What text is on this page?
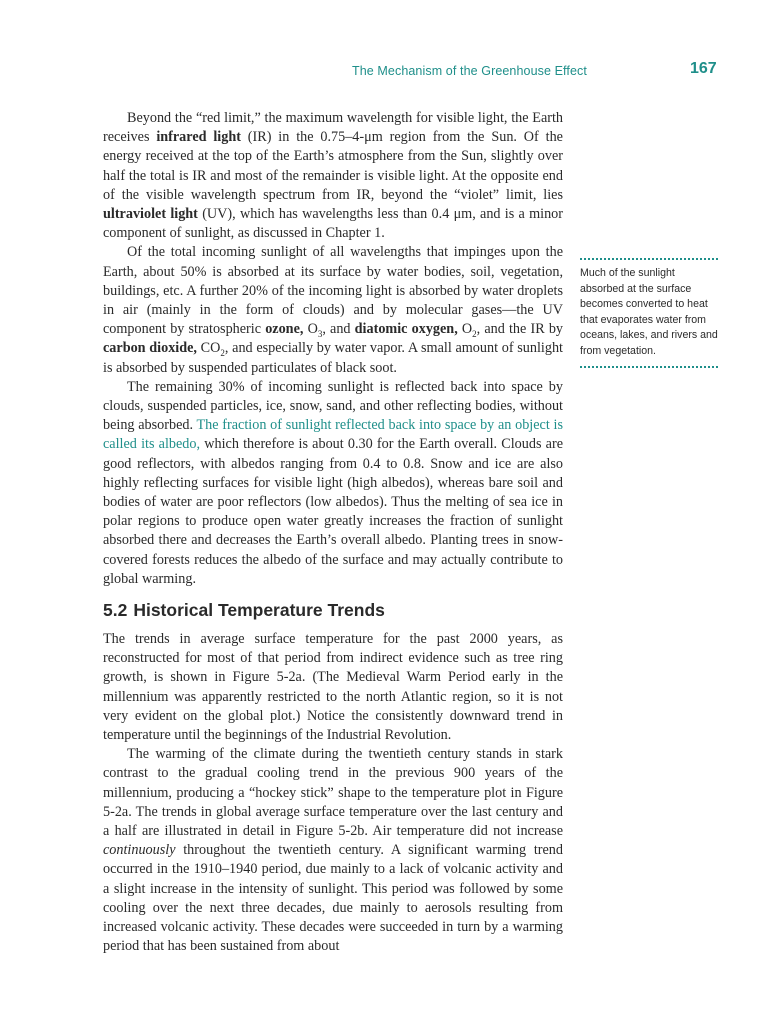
The Mechanism of the Greenhouse Effect	167

Beyond the “red limit,” the maximum wavelength for visible light, the Earth receives infrared light (IR) in the 0.75–4-μm region from the Sun. Of the energy received at the top of the Earth’s atmosphere from the Sun, slightly over half the total is IR and most of the remainder is visible light. At the opposite end of the visible wavelength spectrum from IR, beyond the “violet” limit, lies ultraviolet light (UV), which has wavelengths less than 0.4 μm, and is a minor component of sunlight, as discussed in Chapter 1.

Of the total incoming sunlight of all wavelengths that impinges upon the Earth, about 50% is absorbed at its surface by water bodies, soil, vegetation, buildings, etc. A further 20% of the incoming light is absorbed by water droplets in air (mainly in the form of clouds) and by molecular gases—the UV component by stratospheric ozone, $O_3$, and diatomic oxygen, $O_2$, and the IR by carbon dioxide, $CO_2$, and especially by water vapor. A small amount of sunlight is absorbed by suspended particulates of black soot.

The remaining 30% of incoming sunlight is reflected back into space by clouds, suspended particles, ice, snow, sand, and other reflecting bodies, without being absorbed. The fraction of sunlight reflected back into space by an object is called its albedo, which therefore is about 0.30 for the Earth overall. Clouds are good reflectors, with albedos ranging from 0.4 to 0.8. Snow and ice are also highly reflecting surfaces for visible light (high albedos), whereas bare soil and bodies of water are poor reflectors (low albedos). Thus the melting of sea ice in polar regions to produce open water greatly increases the fraction of sunlight absorbed there and decreases the Earth’s overall albedo. Planting trees in snow-covered forests reduces the albedo of the surface and may actually contribute to global warming.

Much of the sunlight absorbed at the surface becomes converted to heat that evaporates water from oceans, lakes, and rivers and from vegetation.
5.2 Historical Temperature Trends

The trends in average surface temperature for the past 2000 years, as reconstructed for most of that period from indirect evidence such as tree ring growth, is shown in Figure 5-2a. (The Medieval Warm Period early in the millennium was apparently restricted to the north Atlantic region, so it is not very evident on the global plot.) Notice the consistently downward trend in temperature until the beginnings of the Industrial Revolution.

The warming of the climate during the twentieth century stands in stark contrast to the gradual cooling trend in the previous 900 years of the millennium, producing a “hockey stick” shape to the temperature plot in Figure 5-2a. The trends in global average surface temperature over the last century and a half are illustrated in detail in Figure 5-2b. Air temperature did not increase continuously throughout the twentieth century. A significant warming trend occurred in the 1910–1940 period, due mainly to a lack of volcanic activity and a slight increase in the intensity of sunlight. This period was followed by some cooling over the next three decades, due mainly to aerosols resulting from increased volcanic activity. These decades were succeeded in turn by a warming period that has been sustained from about
